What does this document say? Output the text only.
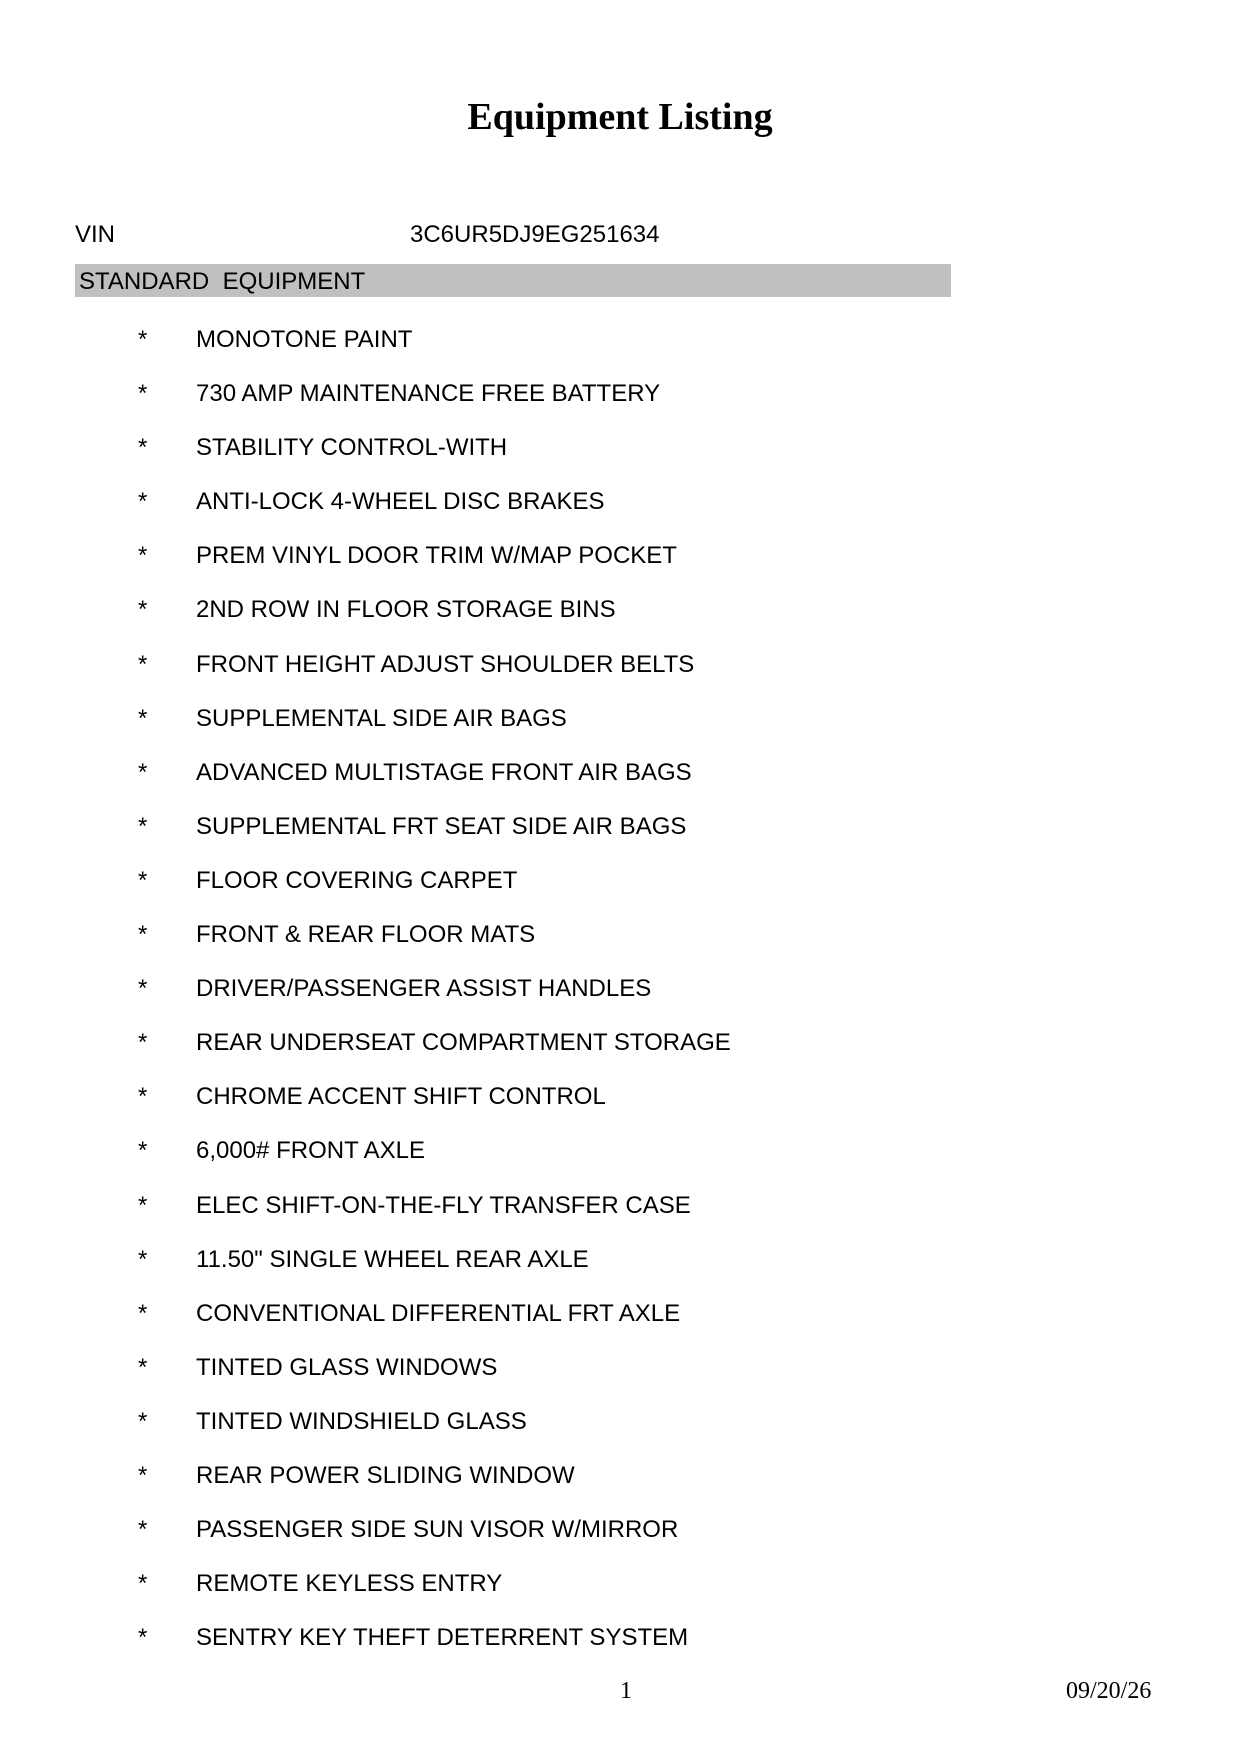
Equipment Listing
VIN	3C6UR5DJ9EG251634
STANDARD  EQUIPMENT
* MONOTONE PAINT
* 730 AMP MAINTENANCE FREE BATTERY
* STABILITY CONTROL-WITH
* ANTI-LOCK 4-WHEEL DISC BRAKES
* PREM VINYL DOOR TRIM W/MAP POCKET
* 2ND ROW IN FLOOR STORAGE BINS
* FRONT HEIGHT ADJUST SHOULDER BELTS
* SUPPLEMENTAL SIDE AIR BAGS
* ADVANCED MULTISTAGE FRONT AIR BAGS
* SUPPLEMENTAL FRT SEAT SIDE AIR BAGS
* FLOOR COVERING CARPET
* FRONT & REAR FLOOR MATS
* DRIVER/PASSENGER ASSIST HANDLES
* REAR UNDERSEAT COMPARTMENT STORAGE
* CHROME ACCENT SHIFT CONTROL
* 6,000# FRONT AXLE
* ELEC SHIFT-ON-THE-FLY TRANSFER CASE
* 11.50" SINGLE WHEEL REAR AXLE
* CONVENTIONAL DIFFERENTIAL FRT AXLE
* TINTED GLASS WINDOWS
* TINTED WINDSHIELD GLASS
* REAR POWER SLIDING WINDOW
* PASSENGER SIDE SUN VISOR W/MIRROR
* REMOTE KEYLESS ENTRY
* SENTRY KEY THEFT DETERRENT SYSTEM
1	09/20/26
